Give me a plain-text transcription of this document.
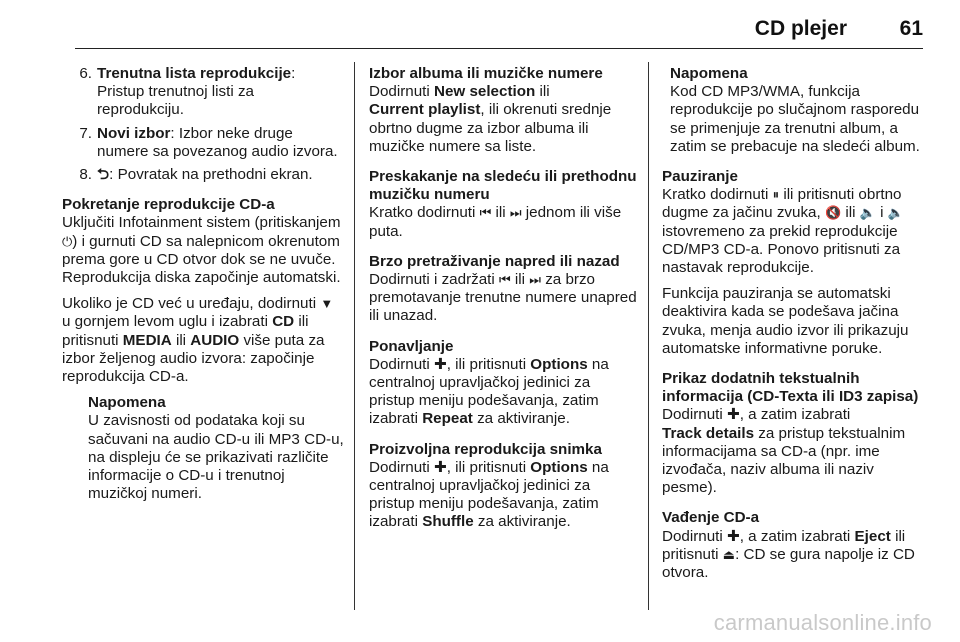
CD plejer	61
6. Trenutna lista reprodukcije:
Pristup trenutnoj listi za reprodukciju.
7. Novi izbor: Izbor neke druge numere sa povezanog audio izvora.
8. ⮌: Povratak na prethodni ekran.
Pokretanje reprodukcije CD-a

Uključiti Infotainment sistem (pritiskanjem ⏻) i gurnuti CD sa nalepnicom okrenutom prema gore u CD otvor dok se ne uvuče. Reprodukcija diska započinje automatski.

Ukoliko je CD već u uređaju, dodirnuti ▼ u gornjem levom uglu i izabrati CD ili pritisnuti MEDIA ili AUDIO više puta za izbor željenog audio izvora: započinje reprodukcija CD-a.

Napomena
U zavisnosti od podataka koji su sačuvani na audio CD-u ili MP3 CD-u, na displeju će se prikazivati različite informacije o CD-u i trenutnoj muzičkoj numeri.
Izbor albuma ili muzičke numere

Dodirnuti New selection ili
Current playlist, ili okrenuti srednje obrtno dugme za izbor albuma ili muzičke numere sa liste.

Preskakanje na sledeću ili prethodnu muzičku numeru

Kratko dodirnuti ⏮ ili ⏭ jednom ili više puta.

Brzo pretraživanje napred ili nazad

Dodirnuti i zadržati ⏮ ili ⏭ za brzo premotavanje trenutne numere unapred ili unazad.

Ponavljanje

Dodirnuti ✚, ili pritisnuti Options na centralnoj upravljačkoj jedinici za pristup meniju podešavanja, zatim izabrati Repeat za aktiviranje.

Proizvoljna reprodukcija snimka

Dodirnuti ✚, ili pritisnuti Options na centralnoj upravljačkoj jedinici za pristup meniju podešavanja, zatim izabrati Shuffle za aktiviranje.

Napomena

Kod CD MP3/WMA, funkcija reprodukcije po slučajnom rasporedu se primenjuje za trenutni album, a zatim se prebacuje na sledeći album.

Pauziranje

Kratko dodirnuti ⏸ ili pritisnuti obrtno dugme za jačinu zvuka, 🔇 ili 🔈 i 🔈 istovremeno za prekid reprodukcije CD/MP3 CD-a. Ponovo pritisnuti za nastavak reprodukcije.

Funkcija pauziranja se automatski deaktivira kada se podešava jačina zvuka, menja audio izvor ili prikazuju automatske informativne poruke.

Prikaz dodatnih tekstualnih informacija (CD-Texta ili ID3 zapisa)

Dodirnuti ✚, a zatim izabrati
Track details za pristup tekstualnim informacijama sa CD-a (npr. ime izvođača, naziv albuma ili naziv pesme).

Vađenje CD-a

Dodirnuti ✚, a zatim izabrati Eject ili pritisnuti ⏏: CD se gura napolje iz CD otvora.

carmanualsonline.info
